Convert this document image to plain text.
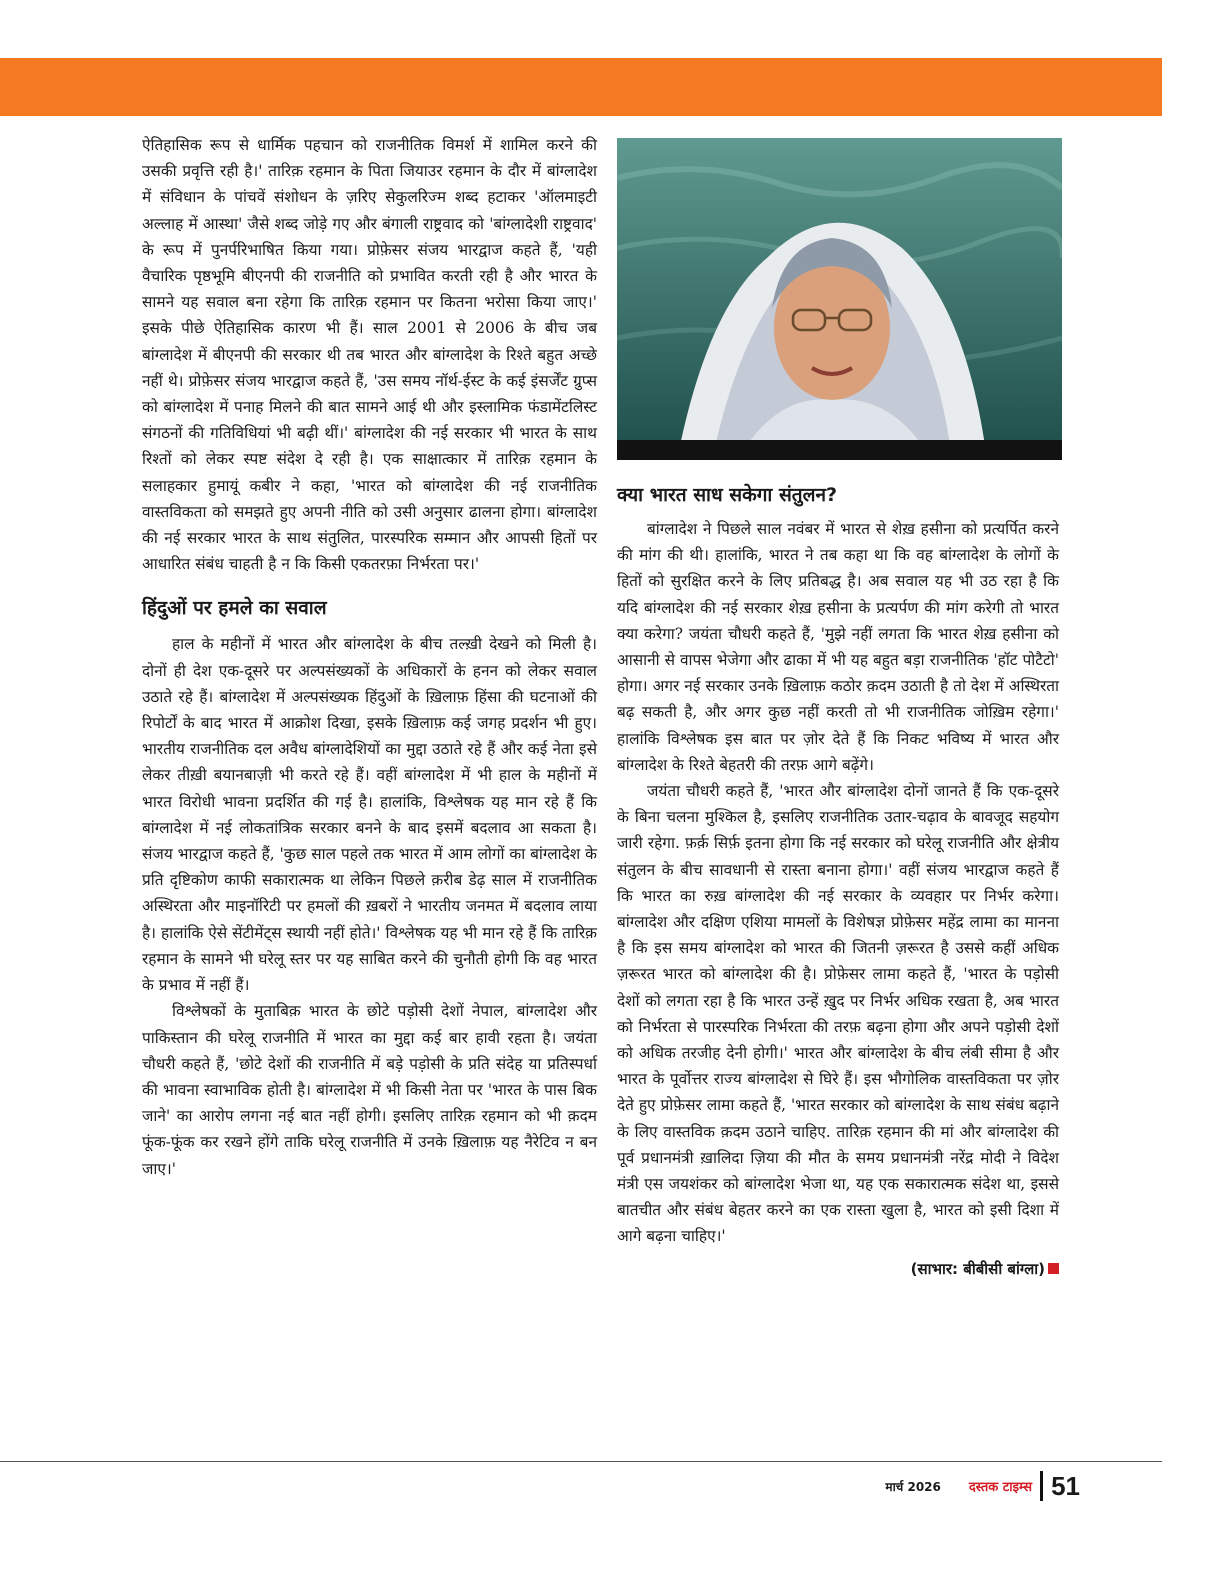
ऐतिहासिक रूप से धार्मिक पहचान को राजनीतिक विमर्श में शामिल करने की उसकी प्रवृत्ति रही है।' तारिक़ रहमान के पिता जियाउर रहमान के दौर में बांग्लादेश में संविधान के पांचवें संशोधन के ज़रिए सेकुलरिज्म शब्द हटाकर 'ऑलमाइटी अल्लाह में आस्था' जैसे शब्द जोड़े गए और बंगाली राष्ट्रवाद को 'बांग्लादेशी राष्ट्रवाद' के रूप में पुनर्परिभाषित किया गया। प्रोफ़ेसर संजय भारद्वाज कहते हैं, 'यही वैचारिक पृष्ठभूमि बीएनपी की राजनीति को प्रभावित करती रही है और भारत के सामने यह सवाल बना रहेगा कि तारिक़ रहमान पर कितना भरोसा किया जाए।' इसके पीछे ऐतिहासिक कारण भी हैं। साल 2001 से 2006 के बीच जब बांग्लादेश में बीएनपी की सरकार थी तब भारत और बांग्लादेश के रिश्ते बहुत अच्छे नहीं थे। प्रोफ़ेसर संजय भारद्वाज कहते हैं, 'उस समय नॉर्थ-ईस्ट के कई इंसर्जेंट ग्रुप्स को बांग्लादेश में पनाह मिलने की बात सामने आई थी और इस्लामिक फंडामेंटलिस्ट संगठनों की गतिविधियां भी बढ़ी थीं।' बांग्लादेश की नई सरकार भी भारत के साथ रिश्तों को लेकर स्पष्ट संदेश दे रही है। एक साक्षात्कार में तारिक़ रहमान के सलाहकार हुमायूं कबीर ने कहा, 'भारत को बांग्लादेश की नई राजनीतिक वास्तविकता को समझते हुए अपनी नीति को उसी अनुसार ढालना होगा। बांग्लादेश की नई सरकार भारत के साथ संतुलित, पारस्परिक सम्मान और आपसी हितों पर आधारित संबंध चाहती है न कि किसी एकतरफ़ा निर्भरता पर।'

हिंदुओं पर हमले का सवाल

हाल के महीनों में भारत और बांग्लादेश के बीच तल्ख़ी देखने को मिली है। दोनों ही देश एक-दूसरे पर अल्पसंख्यकों के अधिकारों के हनन को लेकर सवाल उठाते रहे हैं। बांग्लादेश में अल्पसंख्यक हिंदुओं के ख़िलाफ़ हिंसा की घटनाओं की रिपोर्टों के बाद भारत में आक्रोश दिखा, इसके ख़िलाफ़ कई जगह प्रदर्शन भी हुए। भारतीय राजनीतिक दल अवैध बांग्लादेशियों का मुद्दा उठाते रहे हैं और कई नेता इसे लेकर तीख़ी बयानबाज़ी भी करते रहे हैं। वहीं बांग्लादेश में भी हाल के महीनों में भारत विरोधी भावना प्रदर्शित की गई है। हालांकि, विश्लेषक यह मान रहे हैं कि बांग्लादेश में नई लोकतांत्रिक सरकार बनने के बाद इसमें बदलाव आ सकता है। संजय भारद्वाज कहते हैं, 'कुछ साल पहले तक भारत में आम लोगों का बांग्लादेश के प्रति दृष्टिकोण काफी सकारात्मक था लेकिन पिछले क़रीब डेढ़ साल में राजनीतिक अस्थिरता और माइनॉरिटी पर हमलों की ख़बरों ने भारतीय जनमत में बदलाव लाया है। हालांकि ऐसे सेंटीमेंट्स स्थायी नहीं होते।' विश्लेषक यह भी मान रहे हैं कि तारिक़ रहमान के सामने भी घरेलू स्तर पर यह साबित करने की चुनौती होगी कि वह भारत के प्रभाव में नहीं हैं।

विश्लेषकों के मुताबिक़ भारत के छोटे पड़ोसी देशों नेपाल, बांग्लादेश और पाकिस्तान की घरेलू राजनीति में भारत का मुद्दा कई बार हावी रहता है। जयंता चौधरी कहते हैं, 'छोटे देशों की राजनीति में बड़े पड़ोसी के प्रति संदेह या प्रतिस्पर्धा की भावना स्वाभाविक होती है। बांग्लादेश में भी किसी नेता पर 'भारत के पास बिक जाने' का आरोप लगना नई बात नहीं होगी। इसलिए तारिक़ रहमान को भी क़दम फूंक-फूंक कर रखने होंगे ताकि घरेलू राजनीति में उनके ख़िलाफ़ यह नैरेटिव न बन जाए।'

क्या भारत साध सकेगा संतुलन?

बांग्लादेश ने पिछले साल नवंबर में भारत से शेख़ हसीना को प्रत्यर्पित करने की मांग की थी। हालांकि, भारत ने तब कहा था कि वह बांग्लादेश के लोगों के हितों को सुरक्षित करने के लिए प्रतिबद्ध है। अब सवाल यह भी उठ रहा है कि यदि बांग्लादेश की नई सरकार शेख़ हसीना के प्रत्यर्पण की मांग करेगी तो भारत क्या करेगा? जयंता चौधरी कहते हैं, 'मुझे नहीं लगता कि भारत शेख़ हसीना को आसानी से वापस भेजेगा और ढाका में भी यह बहुत बड़ा राजनीतिक 'हॉट पोटैटो' होगा। अगर नई सरकार उनके ख़िलाफ़ कठोर क़दम उठाती है तो देश में अस्थिरता बढ़ सकती है, और अगर कुछ नहीं करती तो भी राजनीतिक जोख़िम रहेगा।' हालांकि विश्लेषक इस बात पर ज़ोर देते हैं कि निकट भविष्य में भारत और बांग्लादेश के रिश्ते बेहतरी की तरफ़ आगे बढ़ेंगे।

जयंता चौधरी कहते हैं, 'भारत और बांग्लादेश दोनों जानते हैं कि एक-दूसरे के बिना चलना मुश्किल है, इसलिए राजनीतिक उतार-चढ़ाव के बावजूद सहयोग जारी रहेगा. फ़र्क़ सिर्फ़ इतना होगा कि नई सरकार को घरेलू राजनीति और क्षेत्रीय संतुलन के बीच सावधानी से रास्ता बनाना होगा।' वहीं संजय भारद्वाज कहते हैं कि भारत का रुख़ बांग्लादेश की नई सरकार के व्यवहार पर निर्भर करेगा। बांग्लादेश और दक्षिण एशिया मामलों के विशेषज्ञ प्रोफ़ेसर महेंद्र लामा का मानना है कि इस समय बांग्लादेश को भारत की जितनी ज़रूरत है उससे कहीं अधिक ज़रूरत भारत को बांग्लादेश की है। प्रोफ़ेसर लामा कहते हैं, 'भारत के पड़ोसी देशों को लगता रहा है कि भारत उन्हें ख़ुद पर निर्भर अधिक रखता है, अब भारत को निर्भरता से पारस्परिक निर्भरता की तरफ़ बढ़ना होगा और अपने पड़ोसी देशों को अधिक तरजीह देनी होगी।' भारत और बांग्लादेश के बीच लंबी सीमा है और भारत के पूर्वोत्तर राज्य बांग्लादेश से घिरे हैं। इस भौगोलिक वास्तविकता पर ज़ोर देते हुए प्रोफ़ेसर लामा कहते हैं, 'भारत सरकार को बांग्लादेश के साथ संबंध बढ़ाने के लिए वास्तविक क़दम उठाने चाहिए. तारिक़ रहमान की मां और बांग्लादेश की पूर्व प्रधानमंत्री ख़ालिदा ज़िया की मौत के समय प्रधानमंत्री नरेंद्र मोदी ने विदेश मंत्री एस जयशंकर को बांग्लादेश भेजा था, यह एक सकारात्मक संदेश था, इससे बातचीत और संबंध बेहतर करने का एक रास्ता खुला है, भारत को इसी दिशा में आगे बढ़ना चाहिए।'

(साभार: बीबीसी बांग्ला)
मार्च 2026 दस्तक टाइम्स 51
